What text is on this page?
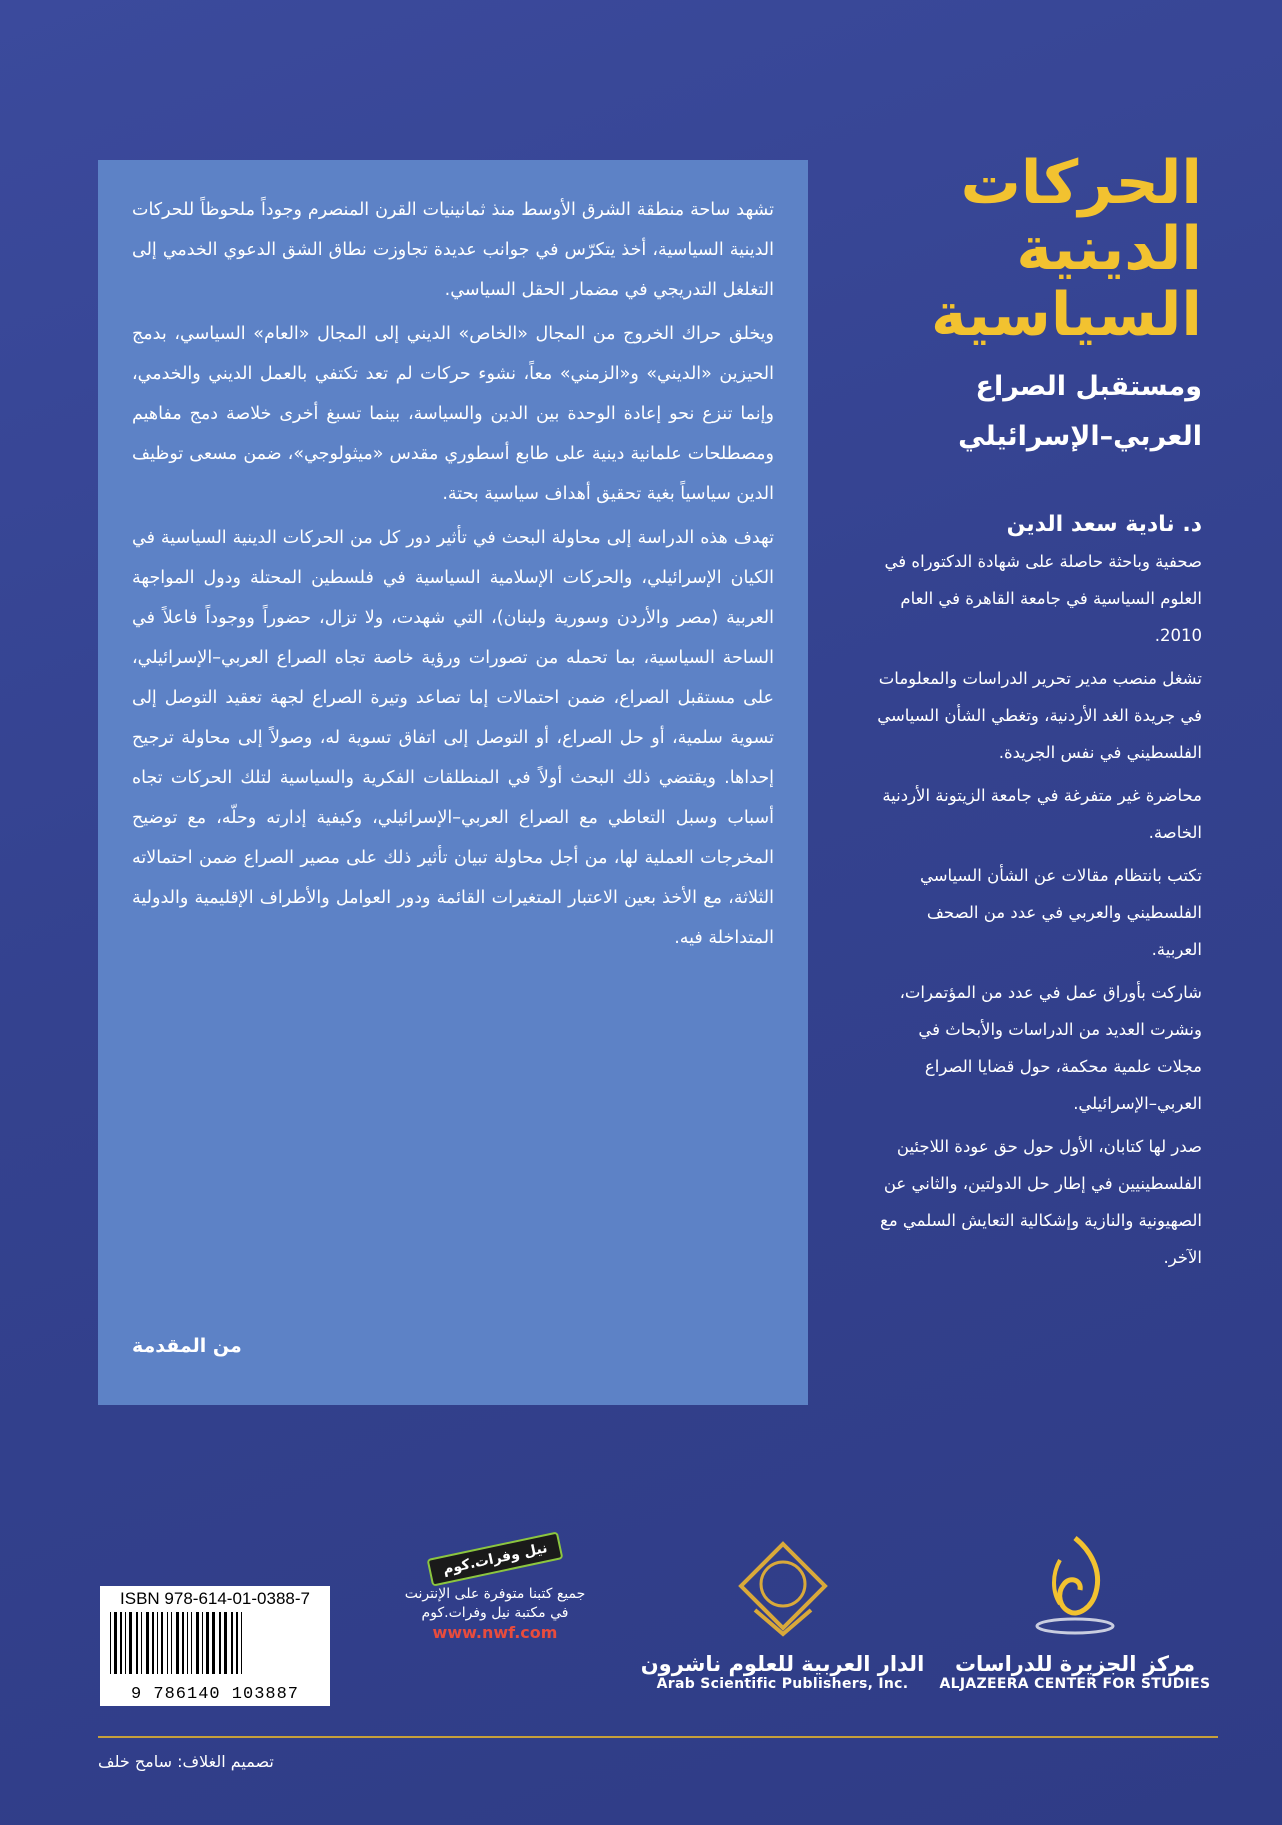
الحركات
الدينية
السياسية
ومستقبل الصراع
العربي–الإسرائيلي
د. نادية سعد الدين

صحفية وباحثة حاصلة على شهادة الدكتوراه في العلوم السياسية في جامعة القاهرة في العام 2010.

تشغل منصب مدير تحرير الدراسات والمعلومات في جريدة الغد الأردنية، وتغطي الشأن السياسي الفلسطيني في نفس الجريدة.

محاضرة غير متفرغة في جامعة الزيتونة الأردنية الخاصة.

تكتب بانتظام مقالات عن الشأن السياسي الفلسطيني والعربي في عدد من الصحف العربية.

شاركت بأوراق عمل في عدد من المؤتمرات، ونشرت العديد من الدراسات والأبحاث في مجلات علمية محكمة، حول قضايا الصراع العربي–الإسرائيلي.

صدر لها كتابان، الأول حول حق عودة اللاجئين الفلسطينيين في إطار حل الدولتين، والثاني عن الصهيونية والنازية وإشكالية التعايش السلمي مع الآخر.

تشهد ساحة منطقة الشرق الأوسط منذ ثمانينيات القرن المنصرم وجوداً ملحوظاً للحركات الدينية السياسية، أخذ يتكرّس في جوانب عديدة تجاوزت نطاق الشق الدعوي الخدمي إلى التغلغل التدريجي في مضمار الحقل السياسي.

ويخلق حراك الخروج من المجال «الخاص» الديني إلى المجال «العام» السياسي، بدمج الحيزين «الديني» و«الزمني» معاً، نشوء حركات لم تعد تكتفي بالعمل الديني والخدمي، وإنما تنزع نحو إعادة الوحدة بين الدين والسياسة، بينما تسبغ أخرى خلاصة دمج مفاهيم ومصطلحات علمانية دينية على طابع أسطوري مقدس «ميثولوجي»، ضمن مسعى توظيف الدين سياسياً بغية تحقيق أهداف سياسية بحتة.

تهدف هذه الدراسة إلى محاولة البحث في تأثير دور كل من الحركات الدينية السياسية في الكيان الإسرائيلي، والحركات الإسلامية السياسية في فلسطين المحتلة ودول المواجهة العربية (مصر والأردن وسورية ولبنان)، التي شهدت، ولا تزال، حضوراً ووجوداً فاعلاً في الساحة السياسية، بما تحمله من تصورات ورؤية خاصة تجاه الصراع العربي–الإسرائيلي، على مستقبل الصراع، ضمن احتمالات إما تصاعد وتيرة الصراع لجهة تعقيد التوصل إلى تسوية سلمية، أو حل الصراع، أو التوصل إلى اتفاق تسوية له، وصولاً إلى محاولة ترجيح إحداها. ويقتضي ذلك البحث أولاً في المنطلقات الفكرية والسياسية لتلك الحركات تجاه أسباب وسبل التعاطي مع الصراع العربي–الإسرائيلي، وكيفية إدارته وحلّه، مع توضيح المخرجات العملية لها، من أجل محاولة تبيان تأثير ذلك على مصير الصراع ضمن احتمالاته الثلاثة، مع الأخذ بعين الاعتبار المتغيرات القائمة ودور العوامل والأطراف الإقليمية والدولية المتداخلة فيه.

من المقدمة
مركز الجزيرة للدراسات
ALJAZEERA CENTER FOR STUDIES
الدار العربية للعلوم ناشرون
Arab Scientific Publishers, Inc.
نيل وفرات.كوم
جميع كتبنا متوفرة على الإنترنت
في مكتبة نيل وفرات.كوم
www.nwf.com
ISBN 978-614-01-0388-7
9 786140 103887
تصميم الغلاف: سامح خلف
